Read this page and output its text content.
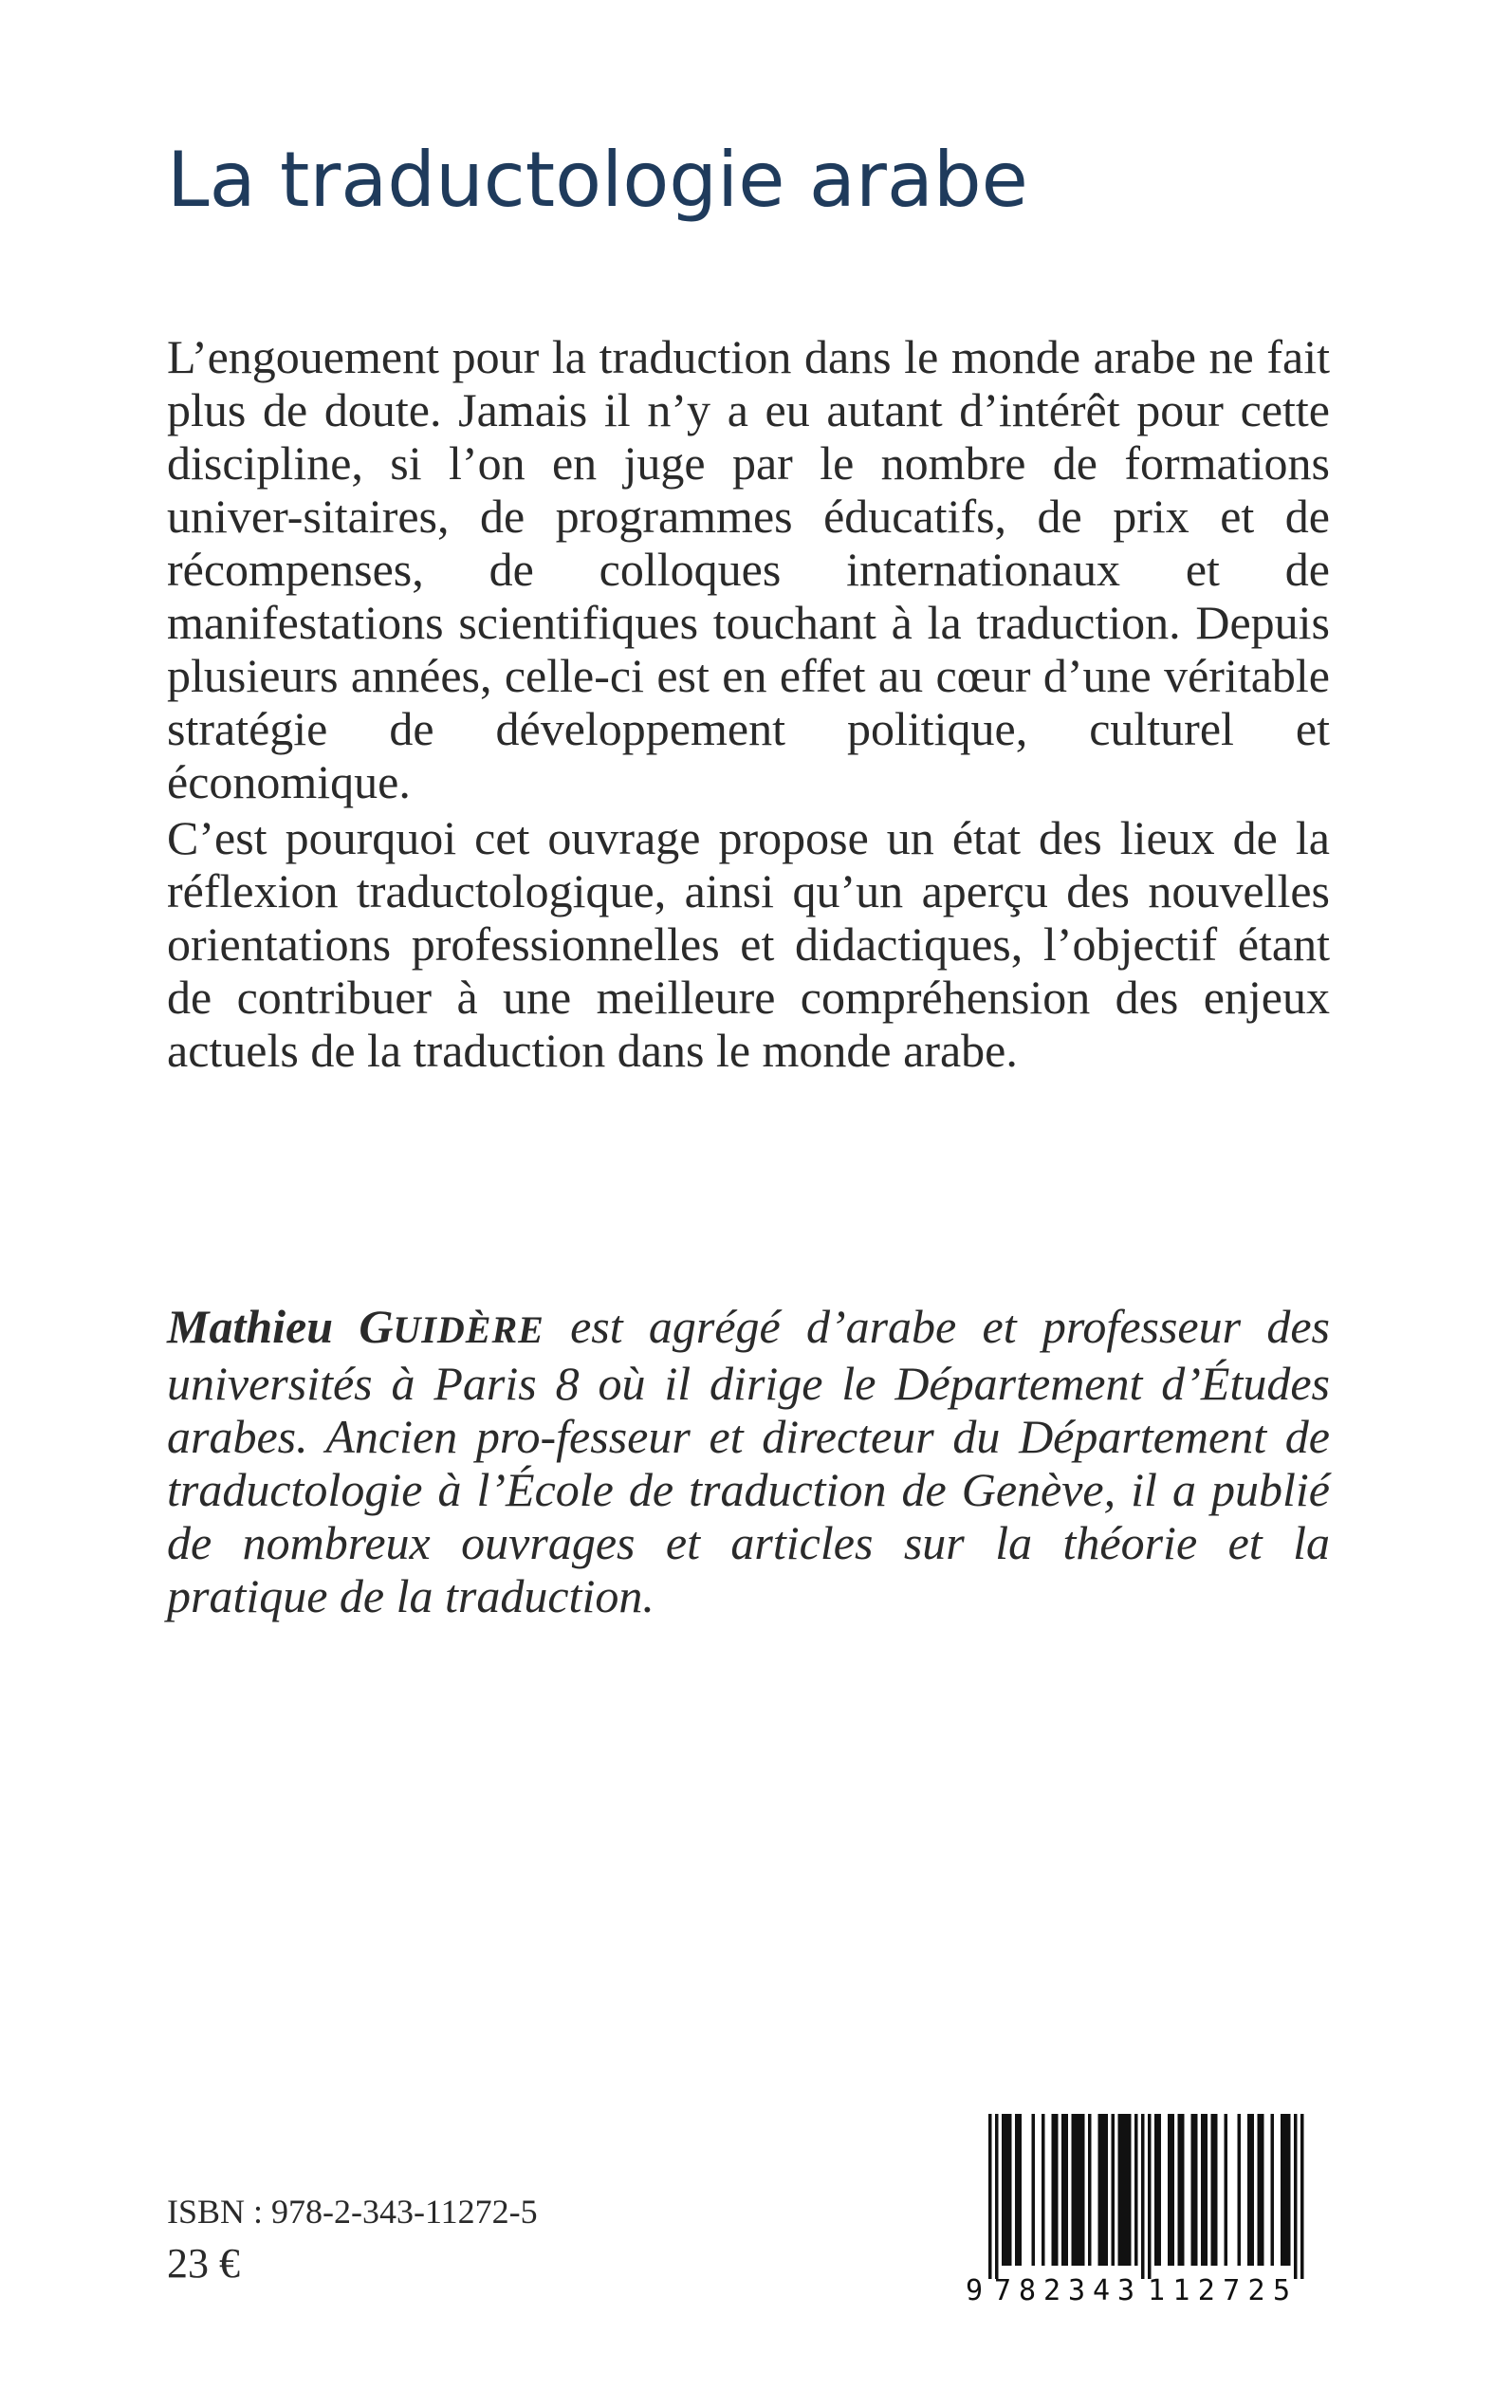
La traductologie arabe
L’engouement pour la traduction dans le monde arabe ne fait plus de doute. Jamais il n’y a eu autant d’intérêt pour cette discipline, si l’on en juge par le nombre de formations univer-sitaires, de programmes éducatifs, de prix et de récompenses, de colloques internationaux et de manifestations scientifiques touchant à la traduction. Depuis plusieurs années, celle-ci est en effet au cœur d’une véritable stratégie de développement politique, culturel et économique.
C’est pourquoi cet ouvrage propose un état des lieux de la réflexion traductologique, ainsi qu’un aperçu des nouvelles orientations professionnelles et didactiques, l’objectif étant de contribuer à une meilleure compréhension des enjeux actuels de la traduction dans le monde arabe.
Mathieu GUIDÈRE est agrégé d’arabe et professeur des universités à Paris 8 où il dirige le Département d’Études arabes. Ancien pro-fesseur et directeur du Département de traductologie à l’École de traduction de Genève, il a publié de nombreux ouvrages et articles sur la théorie et la pratique de la traduction.
ISBN : 978-2-343-11272-5
23 €
9 782343 112725
